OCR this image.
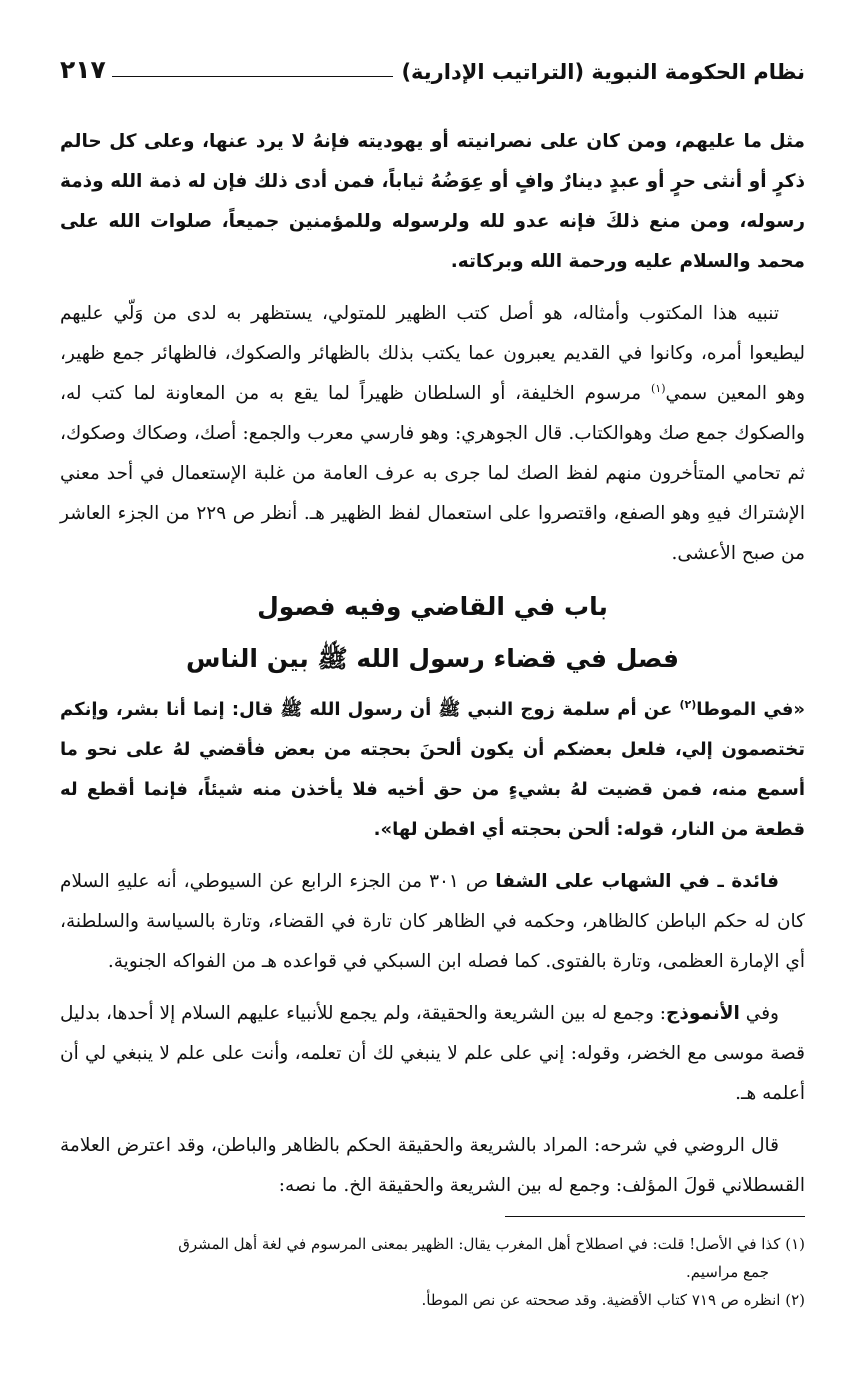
نظام الحكومة النبوية (التراتيب الإدارية)
٢١٧

مثل ما عليهم، ومن كان على نصرانيته أو يهوديته فإنهُ لا يرد عنها، وعلى كل حالم ذكرٍ أو أنثى حرٍ أو عبدٍ دينارٌ وافٍ أو عِوَضُهُ ثياباً، فمن أدى ذلك فإن له ذمة الله وذمة رسوله، ومن منع ذلكَ فإنه عدو لله ولرسوله وللمؤمنين جميعاً، صلوات الله على محمد والسلام عليه ورحمة الله وبركاته.

تنبيه هذا المكتوب وأمثاله، هو أصل كتب الظهير للمتولي، يستظهر به لدى من وَلّي عليهم ليطيعوا أمره، وكانوا في القديم يعبرون عما يكتب بذلك بالظهائر والصكوك، فالظهائر جمع ظهير، وهو المعين سمي$^{(١)}$ مرسوم الخليفة، أو السلطان ظهيراً لما يقع به من المعاونة لما كتب له، والصكوك جمع صك وهوالكتاب. قال الجوهري: وهو فارسي معرب والجمع: أصك، وصكاك وصكوك، ثم تحامي المتأخرون منهم لفظ الصك لما جرى به عرف العامة من غلبة الإستعمال في أحد معني الإشتراك فيهِ وهو الصفع، واقتصروا على استعمال لفظ الظهير هـ. أنظر ص ٢٢٩ من الجزء العاشر من صبح الأعشى.

باب في القاضي وفيه فصول
فصل في قضاء رسول الله ﷺ بين الناس

«في الموطا$^{(٢)}$ عن أم سلمة زوج النبي ﷺ أن رسول الله ﷺ قال: إنما أنا بشر، وإنكم تختصمون إلي، فلعل بعضكم أن يكون ألحنَ بحجته من بعض فأقضي لهُ على نحو ما أسمع منه، فمن قضيت لهُ بشيءٍ من حق أخيه فلا يأخذن منه شيئاً، فإنما أقطع له قطعة من النار، قوله: ألحن بحجته أي افطن لها».

فائدة ـ في الشهاب على الشفا ص ٣٠١ من الجزء الرابع عن السيوطي، أنه عليهِ السلام كان له حكم الباطن كالظاهر، وحكمه في الظاهر كان تارة في القضاء، وتارة بالسياسة والسلطنة، أي الإمارة العظمى، وتارة بالفتوى. كما فصله ابن السبكي في قواعده هـ من الفواكه الجنوية.

وفي الأنموذج: وجمع له بين الشريعة والحقيقة، ولم يجمع للأنبياء عليهم السلام إلا أحدها، بدليل قصة موسى مع الخضر، وقوله: إني على علم لا ينبغي لك أن تعلمه، وأنت على علم لا ينبغي لي أن أعلمه هـ.

قال الروضي في شرحه: المراد بالشريعة والحقيقة الحكم بالظاهر والباطن، وقد اعترض العلامة القسطلاني قولَ المؤلف: وجمع له بين الشريعة والحقيقة الخ. ما نصه:

(١) كذا في الأصل! قلت: في اصطلاح أهل المغرب يقال: الظهير بمعنى المرسوم في لغة أهل المشرق

جمع مراسيم.

(٢) انظره ص ٧١٩ كتاب الأقضية. وقد صححته عن نص الموطأ.
